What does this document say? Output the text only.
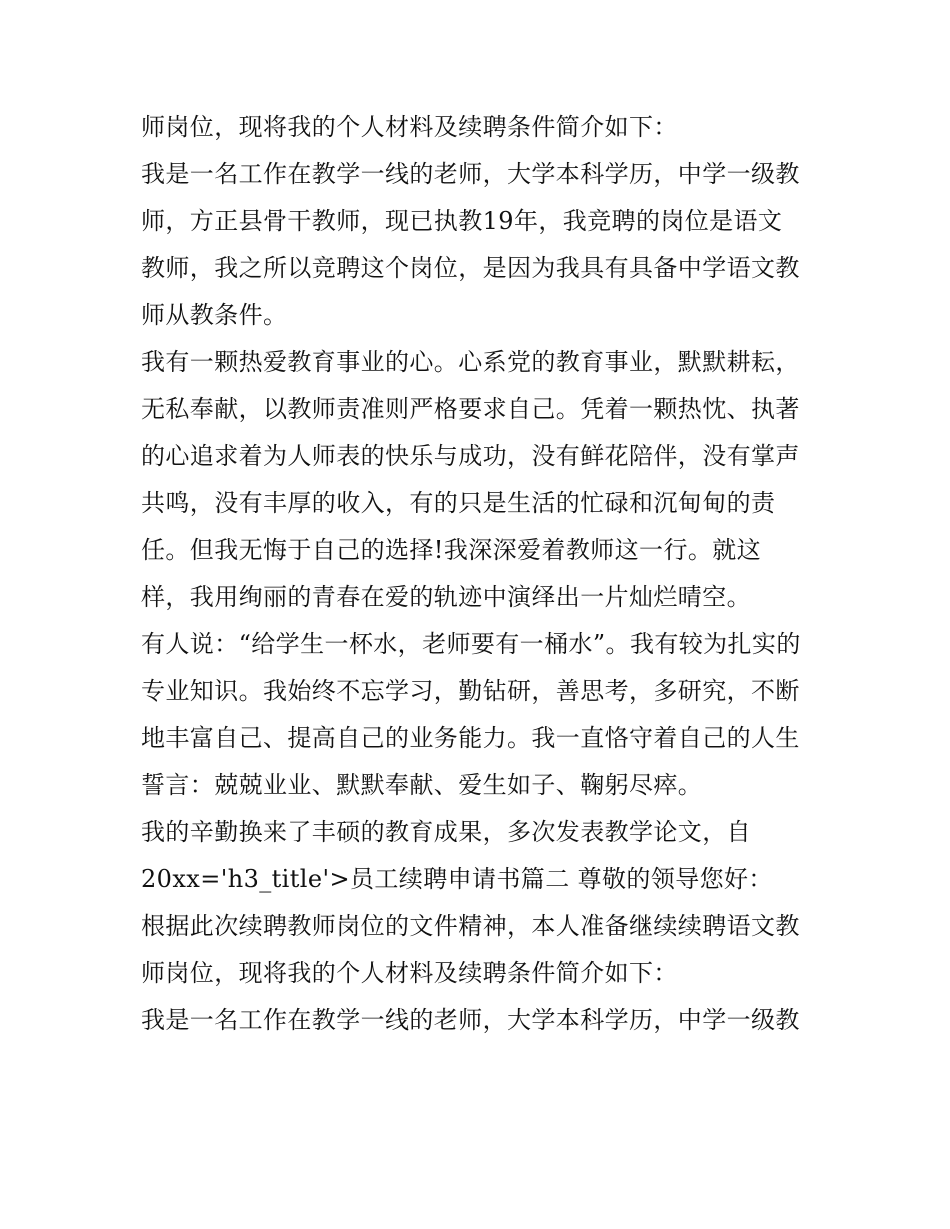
师岗位，现将我的个人材料及续聘条件简介如下：
我是一名工作在教学一线的老师，大学本科学历，中学一级教
师，方正县骨干教师，现已执教19年，我竞聘的岗位是语文
教师，我之所以竞聘这个岗位，是因为我具有具备中学语文教
师从教条件。
我有一颗热爱教育事业的心。心系党的教育事业，默默耕耘，
无私奉献，以教师责准则严格要求自己。凭着一颗热忱、执著
的心追求着为人师表的快乐与成功，没有鲜花陪伴，没有掌声
共鸣，没有丰厚的收入，有的只是生活的忙碌和沉甸甸的责
任。但我无悔于自己的选择!我深深爱着教师这一行。就这
样，我用绚丽的青春在爱的轨迹中演绎出一片灿烂晴空。
有人说：“给学生一杯水，老师要有一桶水”。我有较为扎实的
专业知识。我始终不忘学习，勤钻研，善思考，多研究，不断
地丰富自己、提高自己的业务能力。我一直恪守着自己的人生
誓言：兢兢业业、默默奉献、爱生如子、鞠躬尽瘁。
我的辛勤换来了丰硕的教育成果，多次发表教学论文，自
20xx='h3_title'>员工续聘申请书篇二 尊敬的领导您好：
根据此次续聘教师岗位的文件精神，本人准备继续续聘语文教
师岗位，现将我的个人材料及续聘条件简介如下：
我是一名工作在教学一线的老师，大学本科学历，中学一级教
